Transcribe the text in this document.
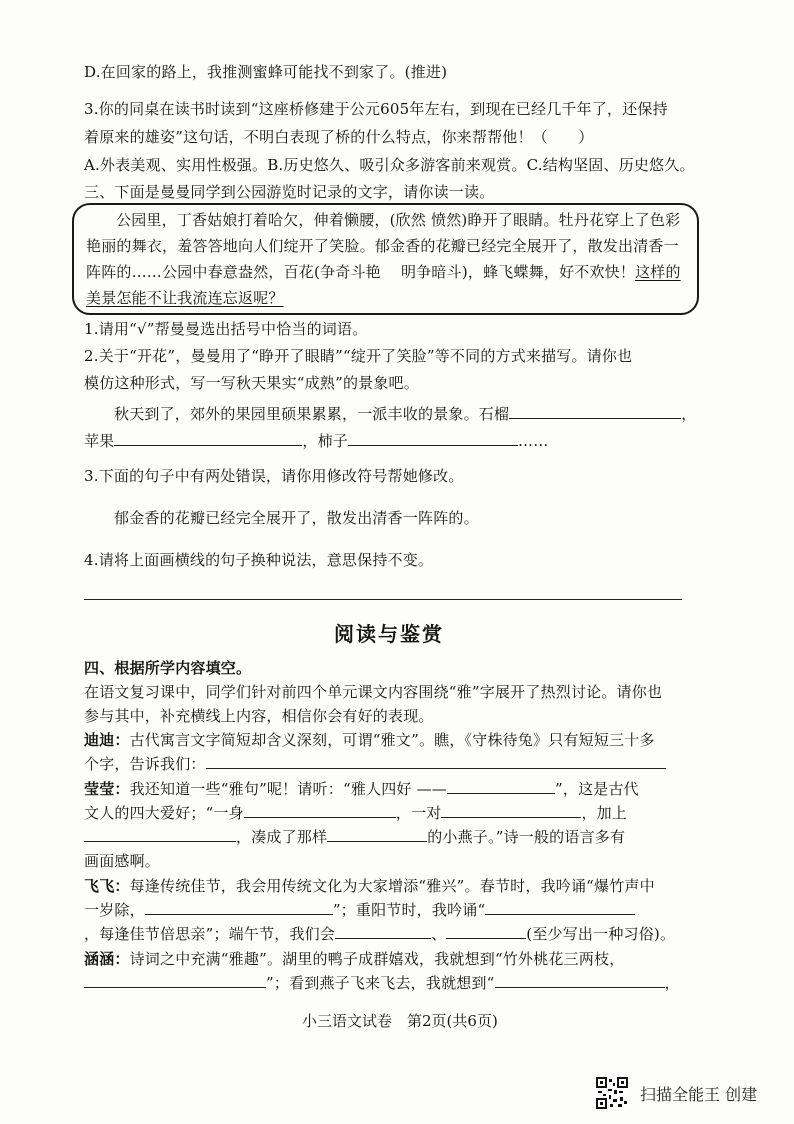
D.在回家的路上，我推测蜜蜂可能找不到家了。(推进)
3.你的同桌在读书时读到“这座桥修建于公元605年左右，到现在已经几千年了，还保持
着原来的雄姿”这句话，不明白表现了桥的什么特点，你来帮帮他！（　　）
A.外表美观、实用性极强。B.历史悠久、吸引众多游客前来观赏。C.结构坚固、历史悠久。
三、下面是曼曼同学到公园游览时记录的文字，请你读一读。
公园里，丁香姑娘打着哈欠，伸着懒腰，(欣然 愤然)睁开了眼睛。牡丹花穿上了色彩
艳丽的舞衣，羞答答地向人们绽开了笑脸。郁金香的花瓣已经完全展开了，散发出清香一
阵阵的……公园中春意盎然，百花(争奇斗艳　 明争暗斗)，蜂飞蝶舞，好不欢快！这样的
美景怎能不让我流连忘返呢？
1.请用“√”帮曼曼选出括号中恰当的词语。
2.关于“开花”，曼曼用了“睁开了眼睛”“绽开了笑脸”等不同的方式来描写。请你也
模仿这种形式，写一写秋天果实“成熟”的景象吧。
秋天到了，郊外的果园里硕果累累，一派丰收的景象。石榴	，
苹果	，柿子	……
3.下面的句子中有两处错误，请你用修改符号帮她修改。
郁金香的花瓣已经完全展开了，散发出清香一阵阵的。
4.请将上面画横线的句子换种说法，意思保持不变。
阅读与鉴赏
四、根据所学内容填空。
在语文复习课中，同学们针对前四个单元课文内容围绕“雅”字展开了热烈讨论。请你也
参与其中，补充横线上内容，相信你会有好的表现。
迪迪：古代寓言文字简短却含义深刻，可谓“雅文”。瞧，《守株待兔》只有短短三十多
个字，告诉我们：
莹莹：我还知道一些“雅句”呢！请听：“雅人四好 ——	”，这是古代
文人的四大爱好；“一身	，一对	，加上
，凑成了那样	的小燕子。”诗一般的语言多有
画面感啊。
飞飞：每逢传统佳节，我会用传统文化为大家增添“雅兴”。春节时，我吟诵“爆竹声中
一岁除，	”；重阳节时，我吟诵“
，每逢佳节倍思亲”；端午节，我们会	、	(至少写出一种习俗)。
涵涵：诗词之中充满“雅趣”。湖里的鸭子成群嬉戏，我就想到“竹外桃花三两枝，
”；看到燕子飞来飞去，我就想到“	，
小三语文试卷　第2页(共6页)
扫描全能王 创建
